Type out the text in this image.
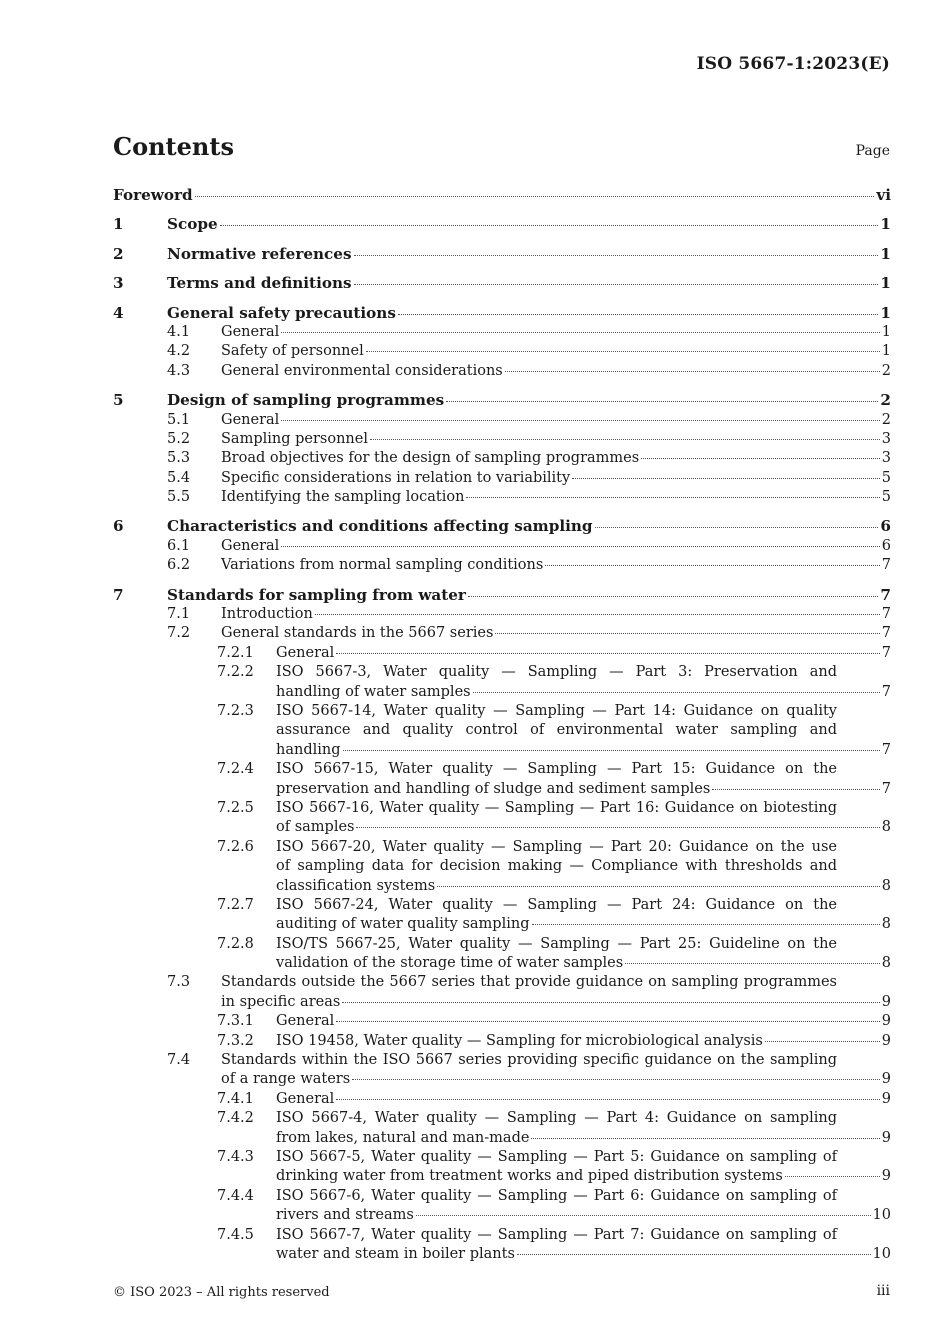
ISO 5667-1:2023(E)
Contents	Page
Foreword	vi
1	Scope	1
2	Normative references	1
3	Terms and definitions	1
4	General safety precautions	1
4.1 General	1
4.2 Safety of personnel	1
4.3 General environmental considerations	2
5	Design of sampling programmes	2
5.1 General	2
5.2 Sampling personnel	3
5.3 Broad objectives for the design of sampling programmes	3
5.4 Specific considerations in relation to variability	5
5.5 Identifying the sampling location	5
6	Characteristics and conditions affecting sampling	6
6.1 General	6
6.2 Variations from normal sampling conditions	7
7	Standards for sampling from water	7
7.1 Introduction	7
7.2 General standards in the 5667 series	7
7.2.1 General	7
7.2.2 ISO 5667-3, Water quality — Sampling — Part 3: Preservation and
handling of water samples	7
7.2.3 ISO 5667-14, Water quality — Sampling — Part 14: Guidance on quality
assurance and quality control of environmental water sampling and
handling	7
7.2.4 ISO 5667-15, Water quality — Sampling — Part 15: Guidance on the
preservation and handling of sludge and sediment samples	7
7.2.5 ISO 5667-16, Water quality — Sampling — Part 16: Guidance on biotesting
of samples	8
7.2.6 ISO 5667-20, Water quality — Sampling — Part 20: Guidance on the use
of sampling data for decision making — Compliance with thresholds and
classification systems	8
7.2.7 ISO 5667-24, Water quality — Sampling — Part 24: Guidance on the
auditing of water quality sampling	8
7.2.8 ISO/TS 5667-25, Water quality — Sampling — Part 25: Guideline on the
validation of the storage time of water samples	8
7.3 Standards outside the 5667 series that provide guidance on sampling programmes
in specific areas	9
7.3.1 General	9
7.3.2 ISO 19458, Water quality — Sampling for microbiological analysis	9
7.4 Standards within the ISO 5667 series providing specific guidance on the sampling
of a range waters	9
7.4.1 General	9
7.4.2 ISO 5667-4, Water quality — Sampling — Part 4: Guidance on sampling
from lakes, natural and man-made	9
7.4.3 ISO 5667-5, Water quality — Sampling — Part 5: Guidance on sampling of
drinking water from treatment works and piped distribution systems	9
7.4.4 ISO 5667-6, Water quality — Sampling — Part 6: Guidance on sampling of
rivers and streams	10
7.4.5 ISO 5667-7, Water quality — Sampling — Part 7: Guidance on sampling of
water and steam in boiler plants	10
© ISO 2023 – All rights reserved	iii
